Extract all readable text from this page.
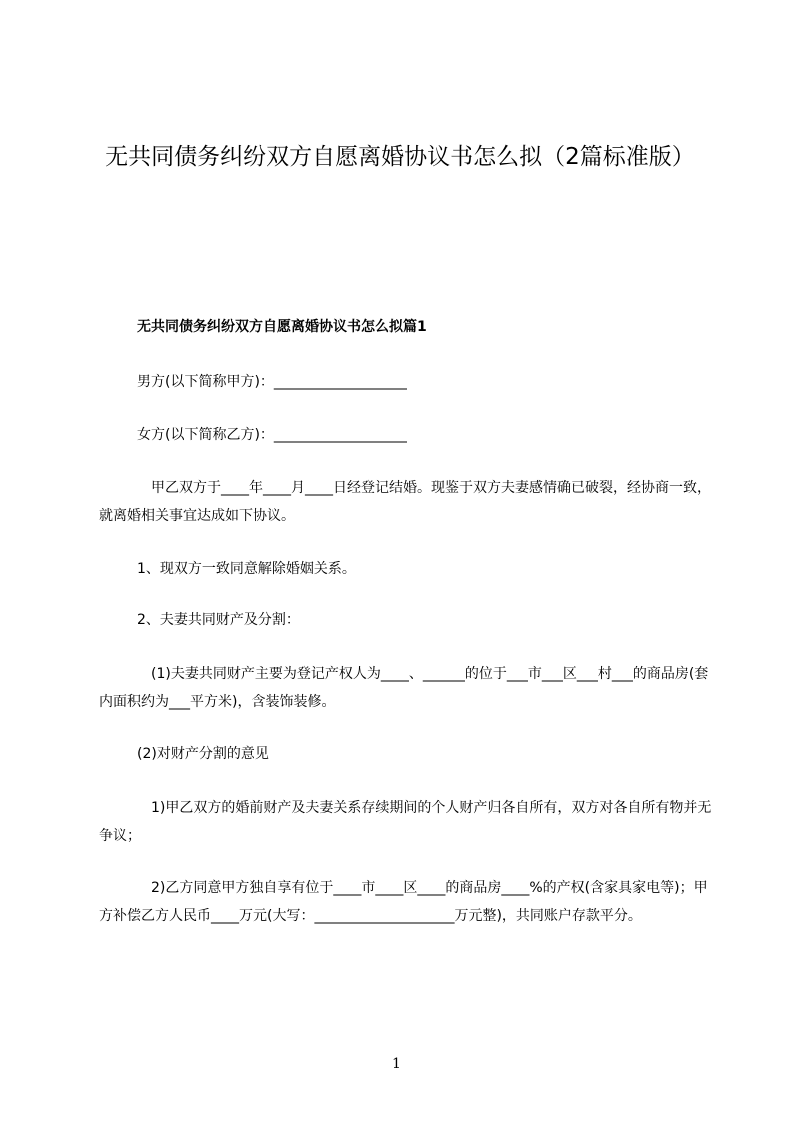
无共同债务纠纷双方自愿离婚协议书怎么拟（2篇标准版）
无共同债务纠纷双方自愿离婚协议书怎么拟篇1

男方(以下简称甲方)：___________________

女方(以下简称乙方)：___________________

　甲乙双方于____年____月____日经登记结婚。现鉴于双方夫妻感情确已破裂，经协商一致，就离婚相关事宜达成如下协议。

1、现双方一致同意解除婚姻关系。

2、夫妻共同财产及分割：

　(1)夫妻共同财产主要为登记产权人为____、______的位于___市___区___村___的商品房(套内面积约为___平方米)，含装饰装修。

(2)对财产分割的意见

　1)甲乙双方的婚前财产及夫妻关系存续期间的个人财产归各自所有，双方对各自所有物并无争议；

　2)乙方同意甲方独自享有位于____市____区____的商品房____%的产权(含家具家电等)；甲方补偿乙方人民币____万元(大写：____________________万元整)，共同账户存款平分。

1
